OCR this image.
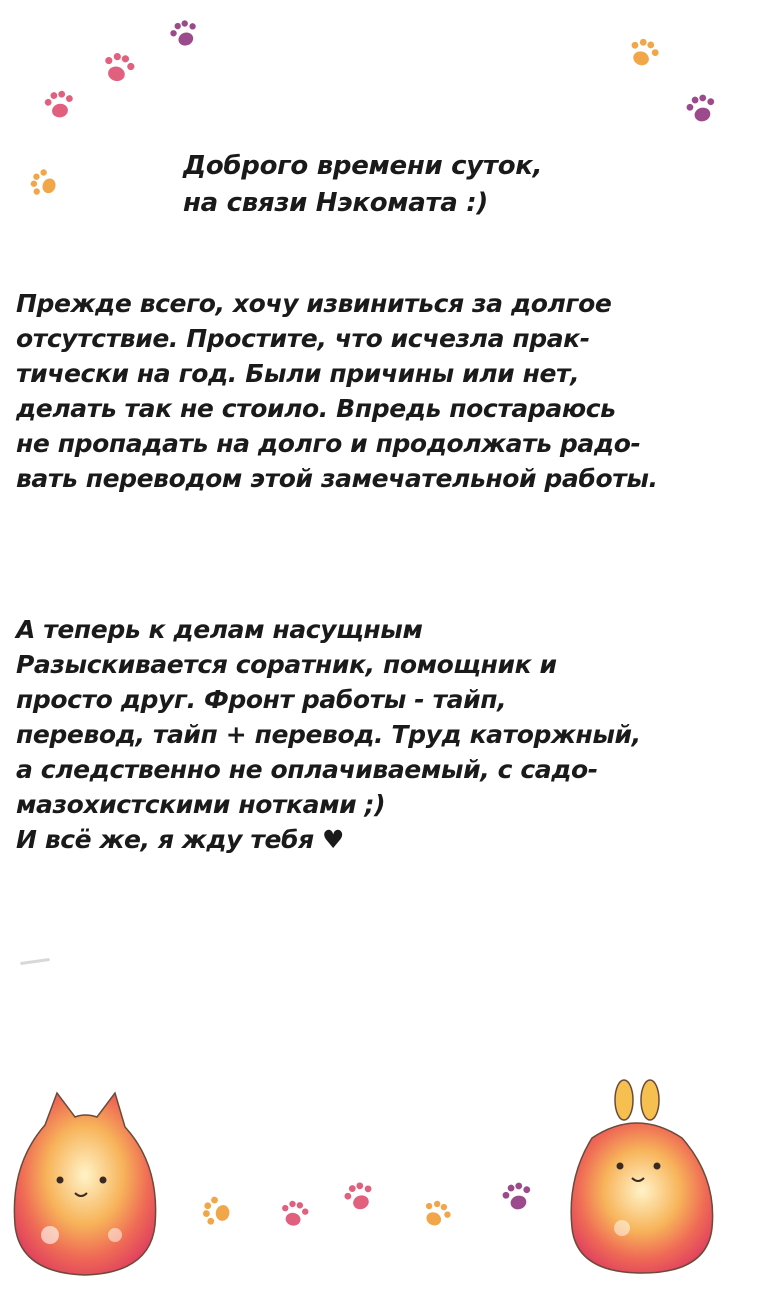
Доброго времени суток,
на связи Нэкомата :)
Прежде всего, хочу извиниться за долгое
отсутствие. Простите, что исчезла прак-
тически на год. Были причины или нет,
делать так не стоило. Впредь постараюсь
не пропадать на долго и продолжать радо-
вать переводом этой замечательной работы.
А теперь к делам насущным
Разыскивается соратник, помощник и
просто друг. Фронт работы - тайп,
перевод, тайп + перевод. Труд каторжный,
а следственно не оплачиваемый, с садо-
мазохистскими нотками ;)
И всё же, я жду тебя ♥
